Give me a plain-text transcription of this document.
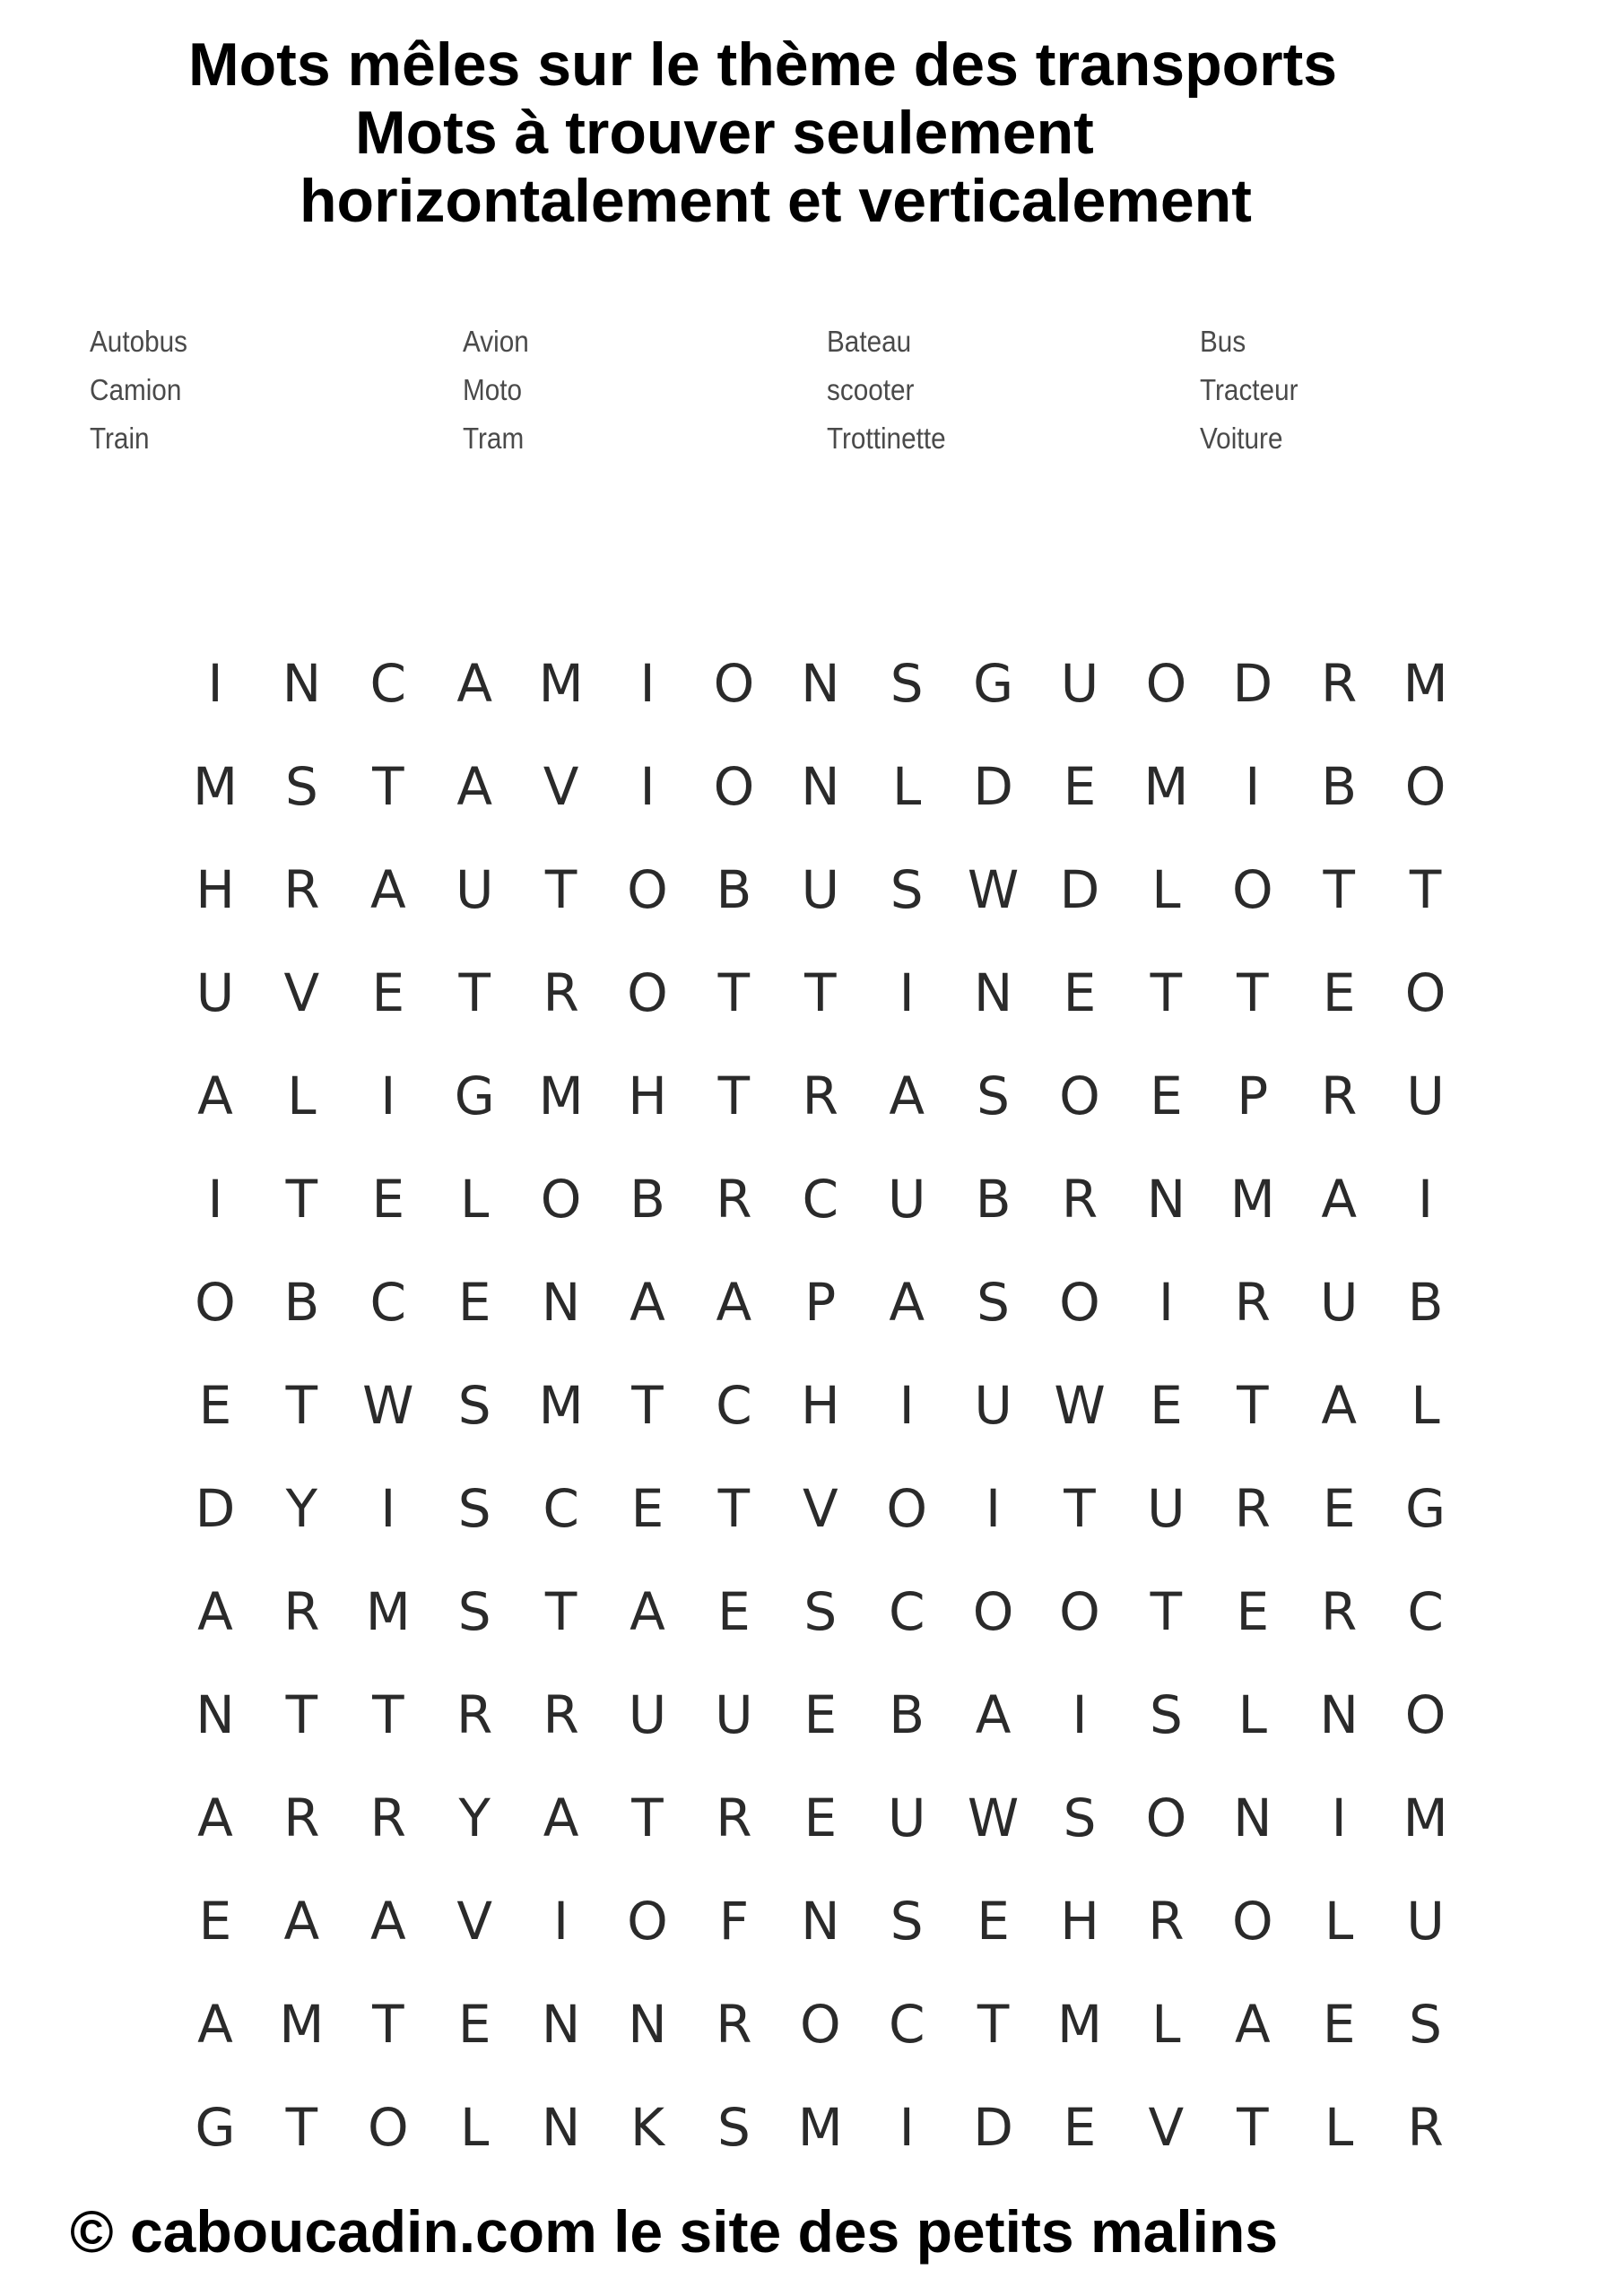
Mots mêles sur le thème des transports
Mots à trouver seulement
horizontalement et verticalement
Autobus	Avion	Bateau	Bus
Camion	Moto	scooter	Tracteur
Train	Tram	Trottinette	Voiture
I	N C A M	I	O N S G U O D R M
M S	T	A V	I	O N	L D E M	I	B O
H R A U T O B U S W D L O T	T
U V	E	T	R O T	T	I	N E	T	T	E O
A	L	I	G M H T	R A	S O E	P	R U
I	T	E	L O B R C U B R N M A	I
O B C E N A A	P	A	S O	I	R U B
E	T W S M T	C H	I	U W E	T	A	L
D Y	I	S C E	T	V O	I	T U R E G
A R M S	T	A	E	S C O O T	E R C
N T	T	R R U U E	B A	I	S	L	N O
A R R	Y	A	T	R E U W S O N	I	M
E	A A V	I	O F	N S	E H R O L	U
A M T	E N N R O C	T M L	A	E	S
G T O L	N K	S M	I	D E	V	T	L	R
© caboucadin.com le site des petits malins
